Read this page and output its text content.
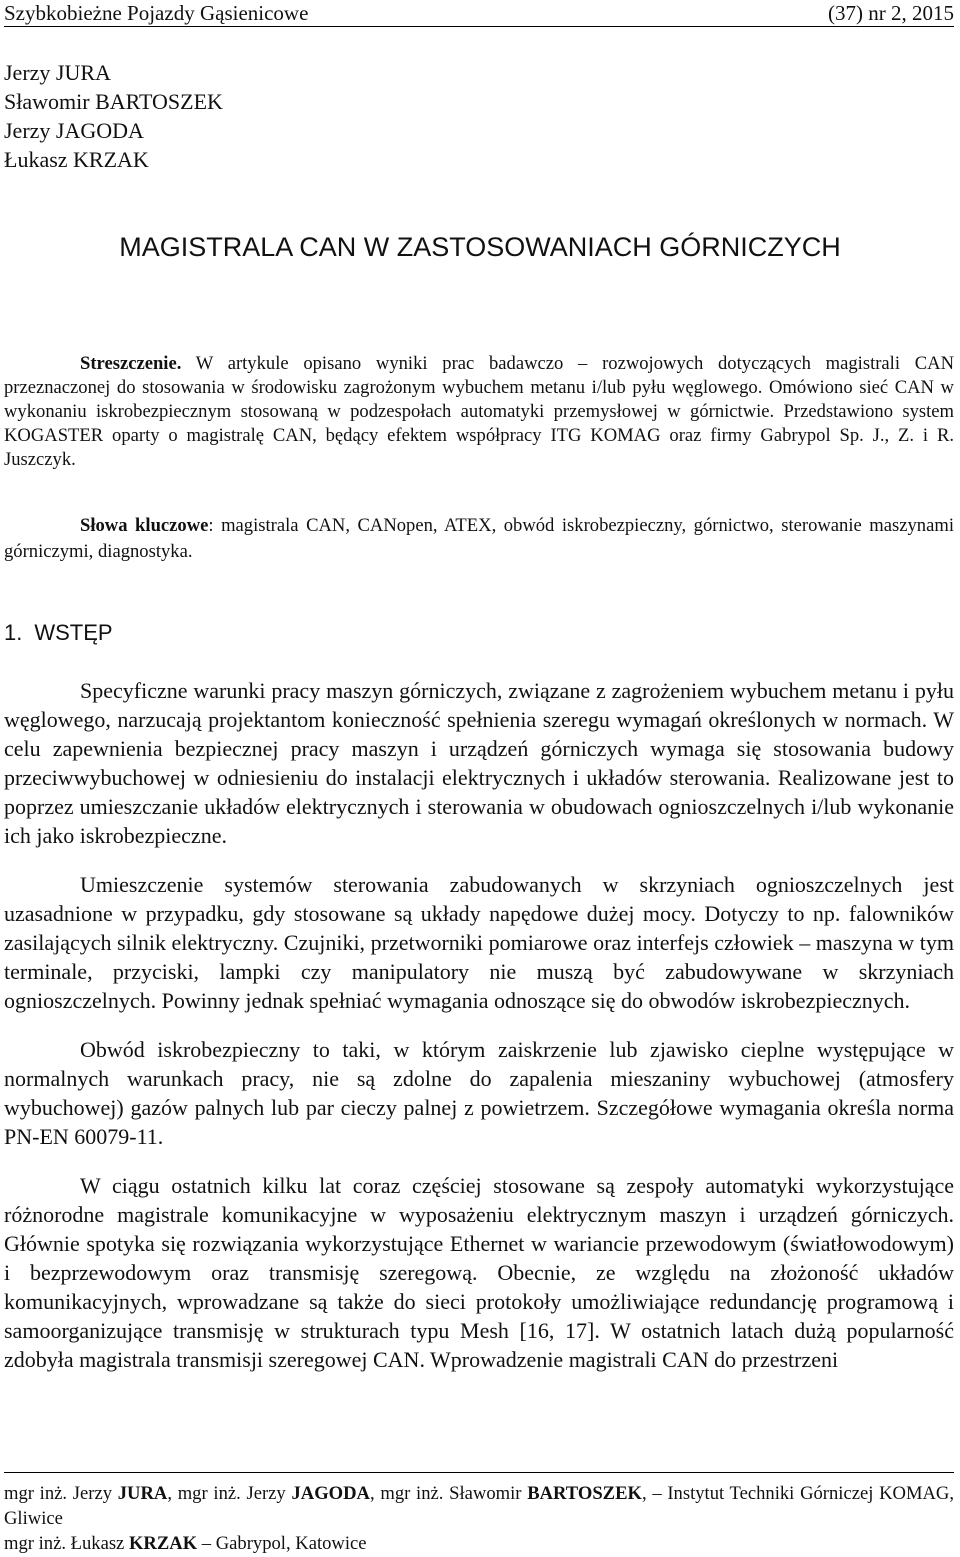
Szybkobieżne Pojazdy Gąsienicowe	(37) nr 2, 2015
Jerzy JURA
Sławomir BARTOSZEK
Jerzy JAGODA
Łukasz KRZAK
MAGISTRALA CAN W ZASTOSOWANIACH GÓRNICZYCH

Streszczenie. W artykule opisano wyniki prac badawczo – rozwojowych dotyczących magistrali CAN przeznaczonej do stosowania w środowisku zagrożonym wybuchem metanu i/lub pyłu węglowego. Omówiono sieć CAN w wykonaniu iskrobezpiecznym stosowaną w podzespołach automatyki przemysłowej w górnictwie. Przedstawiono system KOGASTER oparty o magistralę CAN, będący efektem współpracy ITG KOMAG oraz firmy Gabrypol Sp. J., Z. i R. Juszczyk.

Słowa kluczowe: magistrala CAN, CANopen, ATEX, obwód iskrobezpieczny, górnictwo, sterowanie maszynami górniczymi, diagnostyka.

1. WSTĘP

Specyficzne warunki pracy maszyn górniczych, związane z zagrożeniem wybuchem metanu i pyłu węglowego, narzucają projektantom konieczność spełnienia szeregu wymagań określonych w normach. W celu zapewnienia bezpiecznej pracy maszyn i urządzeń górniczych wymaga się stosowania budowy przeciwwybuchowej w odniesieniu do instalacji elektrycznych i układów sterowania. Realizowane jest to poprzez umieszczanie układów elektrycznych i sterowania w obudowach ognioszczelnych i/lub wykonanie ich jako iskrobezpieczne.

Umieszczenie systemów sterowania zabudowanych w skrzyniach ognioszczelnych jest uzasadnione w przypadku, gdy stosowane są układy napędowe dużej mocy. Dotyczy to np. falowników zasilających silnik elektryczny. Czujniki, przetworniki pomiarowe oraz interfejs człowiek – maszyna w tym terminale, przyciski, lampki czy manipulatory nie muszą być zabudowywane w skrzyniach ognioszczelnych. Powinny jednak spełniać wymagania odnoszące się do obwodów iskrobezpiecznych.

Obwód iskrobezpieczny to taki, w którym zaiskrzenie lub zjawisko cieplne występujące w normalnych warunkach pracy, nie są zdolne do zapalenia mieszaniny wybuchowej (atmosfery wybuchowej) gazów palnych lub par cieczy palnej z powietrzem. Szczegółowe wymagania określa norma PN-EN 60079-11.

W ciągu ostatnich kilku lat coraz częściej stosowane są zespoły automatyki wykorzystujące różnorodne magistrale komunikacyjne w wyposażeniu elektrycznym maszyn i urządzeń górniczych. Głównie spotyka się rozwiązania wykorzystujące Ethernet w wariancie przewodowym (światłowodowym) i bezprzewodowym oraz transmisję szeregową. Obecnie, ze względu na złożoność układów komunikacyjnych, wprowadzane są także do sieci protokoły umożliwiające redundancję programową i samoorganizujące transmisję w strukturach typu Mesh [16, 17]. W ostatnich latach dużą popularność zdobyła magistrala transmisji szeregowej CAN. Wprowadzenie magistrali CAN do przestrzeni

mgr inż. Jerzy JURA, mgr inż. Jerzy JAGODA, mgr inż. Sławomir BARTOSZEK, – Instytut Techniki Górniczej KOMAG, Gliwice
mgr inż. Łukasz KRZAK – Gabrypol, Katowice
